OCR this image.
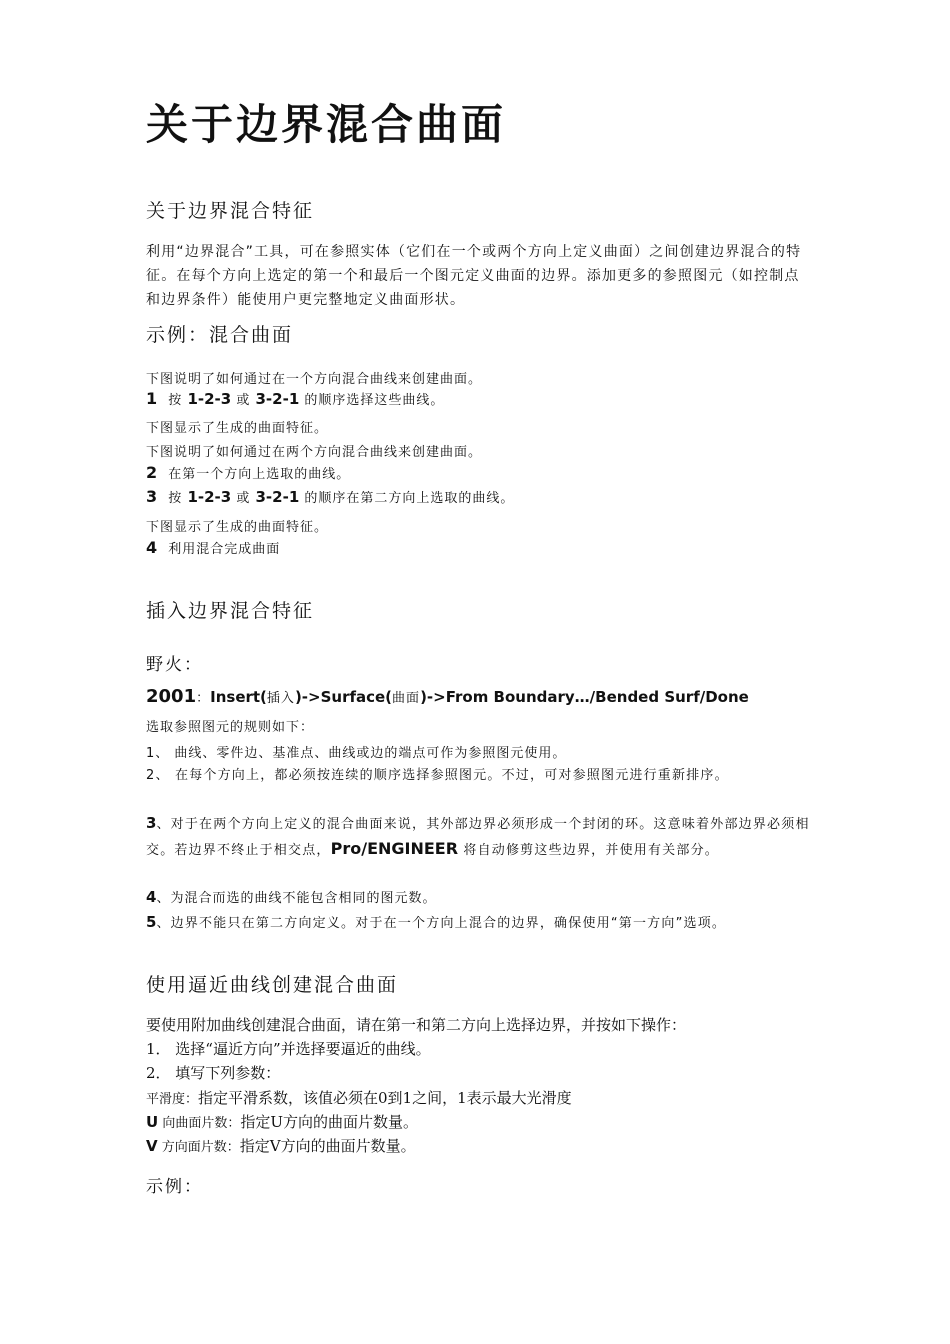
关于边界混合曲面
关于边界混合特征
利用“边界混合”工具，可在参照实体（它们在一个或两个方向上定义曲面）之间创建边界混合的特征。在每个方向上选定的第一个和最后一个图元定义曲面的边界。添加更多的参照图元（如控制点和边界条件）能使用户更完整地定义曲面形状。
示例：混合曲面
下图说明了如何通过在一个方向混合曲线来创建曲面。
1 按 1-2-3 或 3-2-1 的顺序选择这些曲线。
下图显示了生成的曲面特征。
下图说明了如何通过在两个方向混合曲线来创建曲面。
2 在第一个方向上选取的曲线。
3 按 1-2-3 或 3-2-1 的顺序在第二方向上选取的曲线。
下图显示了生成的曲面特征。
4 利用混合完成曲面
插入边界混合特征
野火：
2001：Insert(插入)->Surface(曲面)->From Boundary…/Bended Surf/Done
选取参照图元的规则如下：
1、 曲线、零件边、基准点、曲线或边的端点可作为参照图元使用。
2、 在每个方向上，都必须按连续的顺序选择参照图元。不过，可对参照图元进行重新排序。
3、对于在两个方向上定义的混合曲面来说，其外部边界必须形成一个封闭的环。这意味着外部边界必须相交。若边界不终止于相交点，Pro/ENGINEER 将自动修剪这些边界，并使用有关部分。
4、为混合而选的曲线不能包含相同的图元数。
5、边界不能只在第二方向定义。对于在一个方向上混合的边界，确保使用“第一方向”选项。
使用逼近曲线创建混合曲面
要使用附加曲线创建混合曲面，请在第一和第二方向上选择边界，并按如下操作：
1． 选择“逼近方向”并选择要逼近的曲线。
2． 填写下列参数：
平滑度：指定平滑系数，该值必须在0到1之间，1表示最大光滑度
U 向曲面片数：指定U方向的曲面片数量。
V 方向面片数：指定V方向的曲面片数量。
示例：
